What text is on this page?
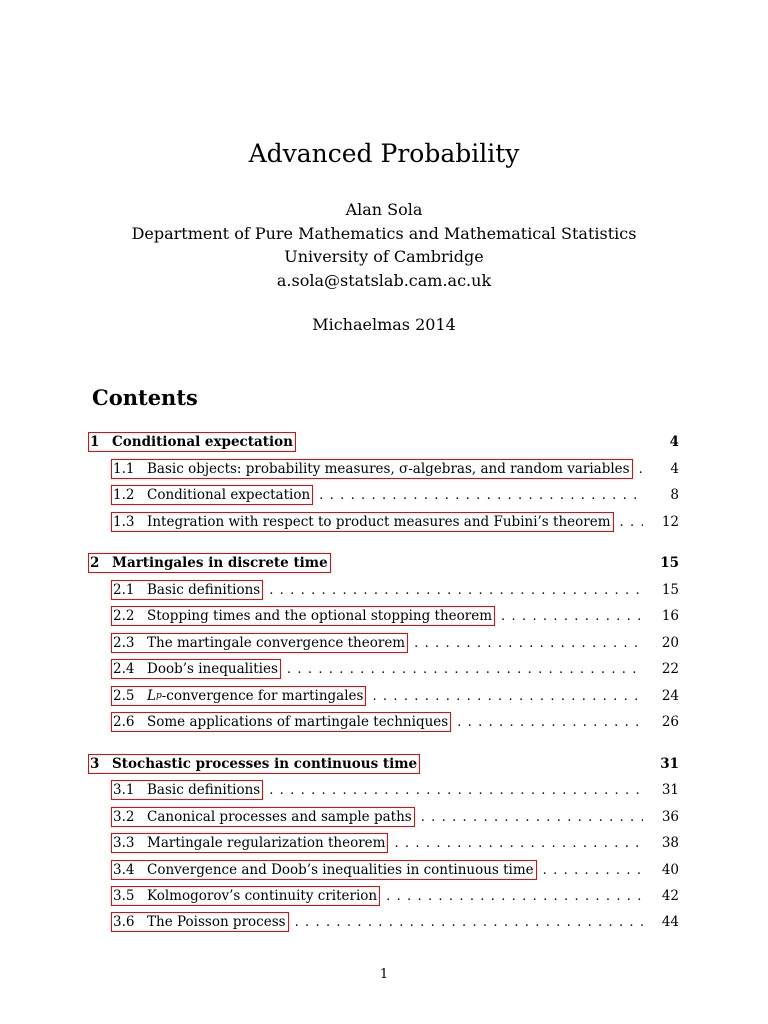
Advanced Probability
Alan Sola
Department of Pure Mathematics and Mathematical Statistics
University of Cambridge
a.sola@statslab.cam.ac.uk
Michaelmas 2014
Contents
1 Conditional expectation	4
1.1 Basic objects: probability measures, σ-algebras, and random variables . . .	4
1.2 Conditional expectation . . .	8
1.3 Integration with respect to product measures and Fubini’s theorem . . .	12
2 Martingales in discrete time	15
2.1 Basic definitions . . .	15
2.2 Stopping times and the optional stopping theorem . . .	16
2.3 The martingale convergence theorem . . .	20
2.4 Doob’s inequalities . . .	22
2.5 L p -convergence for martingales . . .	24
2.6 Some applications of martingale techniques . . .	26
3 Stochastic processes in continuous time	31
3.1 Basic definitions . . .	31
3.2 Canonical processes and sample paths . . .	36
3.3 Martingale regularization theorem . . .	38
3.4 Convergence and Doob’s inequalities in continuous time . . .	40
3.5 Kolmogorov’s continuity criterion . . .	42
3.6 The Poisson process . . .	44
1
